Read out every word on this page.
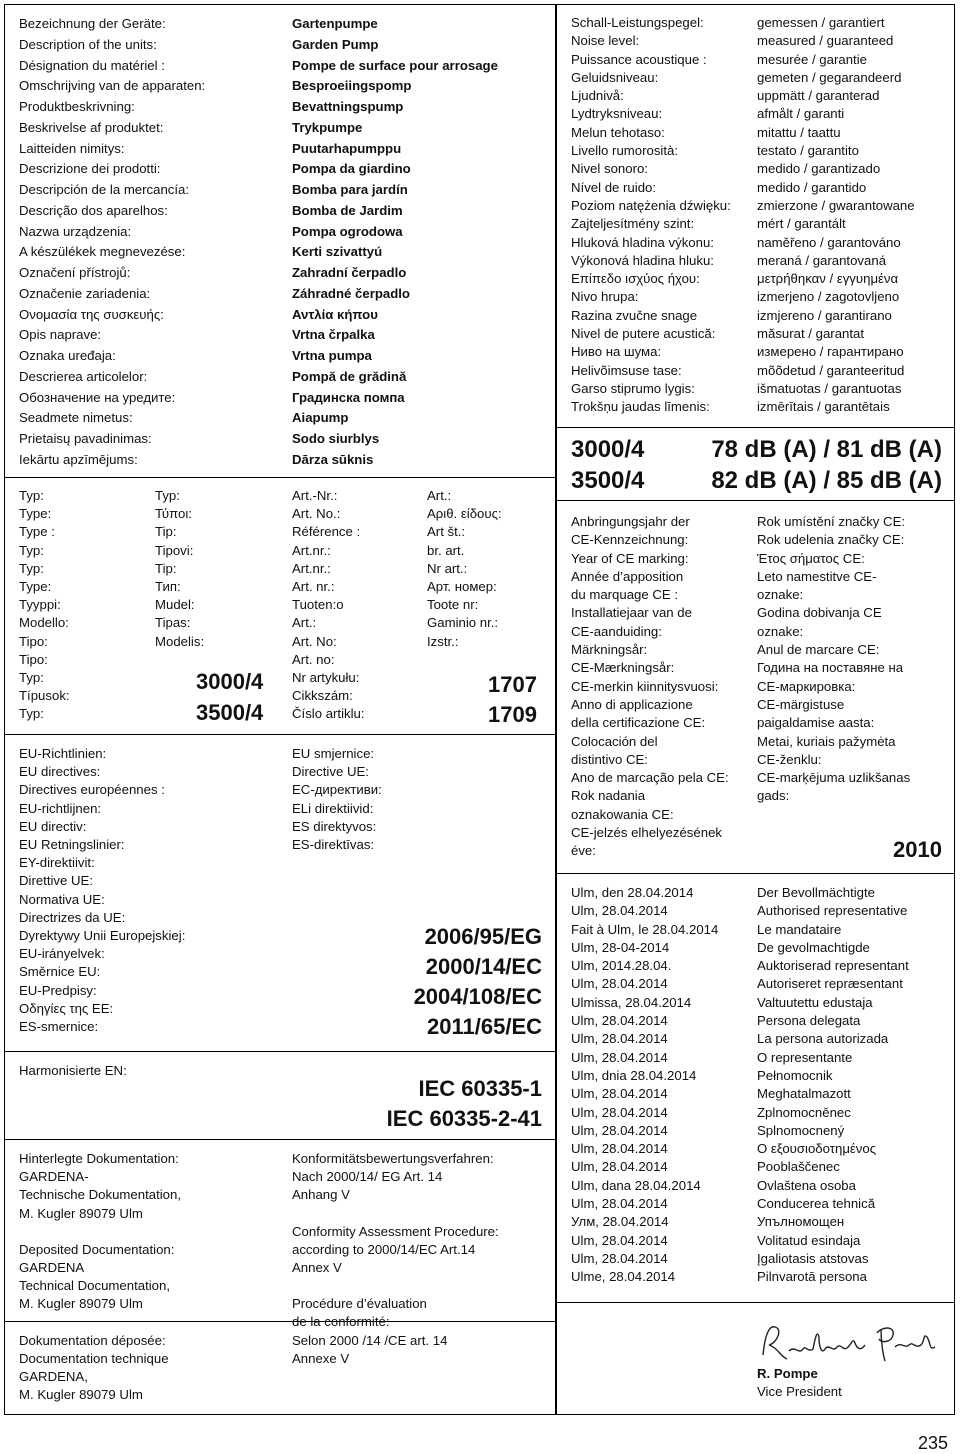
Bezeichnung der Geräte:
Description of the units:
Désignation du matériel :
Omschrijving van de apparaten:
Produktbeskrivning:
Beskrivelse af produktet:
Laitteiden nimitys:
Descrizione dei prodotti:
Descripción de la mercancía:
Descrição dos aparelhos:
Nazwa urządzenia:
A készülékek megnevezése:
Označení přístrojů:
Označenie zariadenia:
Ονομασία της συσκευής:
Opis naprave:
Oznaka uređaja:
Descrierea articolelor:
Обозначение на уредите:
Seadmete nimetus:
Prietaisų pavadinimas:
Iekārtu apzīmējums:
Gartenpumpe
Garden Pump
Pompe de surface pour arrosage
Besproeiingspomp
Bevattningspump
Trykpumpe
Puutarhapumppu
Pompa da giardino
Bomba para jardín
Bomba de Jardim
Pompa ogrodowa
Kerti szivattyú
Zahradní čerpadlo
Záhradné čerpadlo
Αντλία κήπου
Vrtna črpalka
Vrtna pumpa
Pompă de grădină
Градинска помпа
Aiapump
Sodo siurblys
Dārza sūknis
Typ:
Type:
Type :
Typ:
Typ:
Type:
Tyyppi:
Modello:
Tipo:
Tipo:
Typ:
Típusok:
Typ:
Typ:
Τύποι:
Tip:
Tipovi:
Tip:
Тип:
Mudel:
Tipas:
Modelis:
3000/4
3500/4
Art.-Nr.:
Art. No.:
Référence :
Art.nr.:
Art.nr.:
Art. nr.:
Tuoten:o
Art.:
Art. No:
Art. no:
Nr artykułu:
Cikkszám:
Číslo artiklu:
Art.:
Αριθ. είδους:
Art št.:
br. art.
Nr art.:
Арт. номер:
Toote nr:
Gaminio nr.:
Izstr.:
1707
1709
EU-Richtlinien:
EU directives:
Directives européennes :
EU-richtlijnen:
EU directiv:
EU Retningslinier:
EY-direktiivit:
Direttive UE:
Normativa UE:
Directrizes da UE:
Dyrektywy Unii Europejskiej:
EU-irányelvek:
Směrnice EU:
EU-Predpisy:
Οδηγίες της ΕΕ:
ES-smernice:
EU smjernice:
Directive UE:
ЕС-директиви:
ELi direktiivid:
ES direktyvos:
ES-direktīvas:
2006/95/EG
2000/14/EC
2004/108/EC
2011/65/EC
Harmonisierte EN:
IEC 60335-1
IEC 60335-2-41
Hinterlegte Dokumentation:
GARDENA-
Technische Dokumentation,
M. Kugler 89079 Ulm
Deposited Documentation:
GARDENA
Technical Documentation,
M. Kugler 89079 Ulm
Dokumentation déposée:
Documentation technique
GARDENA,
M. Kugler 89079 Ulm
Konformitätsbewertungsverfahren:
Nach 2000/14/ EG Art. 14
Anhang V
Conformity Assessment Procedure:
according to 2000/14/EC Art.14
Annex V
Procédure d’évaluation
de la conformité:
Selon 2000 /14 /CE art. 14
Annexe V
Schall-Leistungspegel:
Noise level:
Puissance acoustique :
Geluidsniveau:
Ljudnivå:
Lydtryksniveau:
Melun tehotaso:
Livello rumorosità:
Nivel sonoro:
Nível de ruido:
Poziom natężenia dźwięku:
Zajteljesítmény szint:
Hluková hladina výkonu:
Výkonová hladina hluku:
Επίπεδο ισχύος ήχου:
Nivo hrupa:
Razina zvučne snage
Nivel de putere acustică:
Ниво на шума:
Helivõimsuse tase:
Garso stiprumo lygis:
Trokšņu jaudas līmenis:
gemessen / garantiert
measured / guaranteed
mesurée / garantie
gemeten / gegarandeerd
uppmätt / garanterad
afmålt / garanti
mitattu / taattu
testato / garantito
medido / garantizado
medido / garantido
zmierzone / gwarantowane
mért / garantált
naměřeno / garantováno
meraná / garantovaná
μετρήθηκαν / εγγυημένα
izmerjeno / zagotovljeno
izmjereno / garantirano
măsurat / garantat
измерено / гарантирано
mõõdetud / garanteeritud
išmatuotas / garantuotas
izmērītais / garantētais
3000/4	78 dB (A) / 81 dB (A)
3500/4	82 dB (A) / 85 dB (A)
Anbringungsjahr der
CE-Kennzeichnung:
Year of CE marking:
Année d’apposition
du marquage CE :
Installatiejaar van de
CE-aanduiding:
Märkningsår:
CE-Mærkningsår:
CE-merkin kiinnitysvuosi:
Anno di applicazione
della certificazione CE:
Colocación del
distintivo CE:
Ano de marcação pela CE:
Rok nadania
oznakowania CE:
CE-jelzés elhelyezésének
éve:
Rok umístění značky CE:
Rok udelenia značky CE:
Έτος σήματος CE:
Leto namestitve CE-
oznake:
Godina dobivanja CE
oznake:
Anul de marcare CE:
Година на поставяне на
CE-маркировка:
CE-märgistuse
paigaldamise aasta:
Metai, kuriais pažymėta
CE-ženklu:
CE-marķējuma uzlikšanas
gads:
2010
Ulm, den 28.04.2014
Ulm, 28.04.2014
Fait à Ulm, le 28.04.2014
Ulm, 28-04-2014
Ulm, 2014.28.04.
Ulm, 28.04.2014
Ulmissa, 28.04.2014
Ulm, 28.04.2014
Ulm, 28.04.2014
Ulm, 28.04.2014
Ulm, dnia 28.04.2014
Ulm, 28.04.2014
Ulm, 28.04.2014
Ulm, 28.04.2014
Ulm, 28.04.2014
Ulm, 28.04.2014
Ulm, dana 28.04.2014
Ulm, 28.04.2014
Улм, 28.04.2014
Ulm, 28.04.2014
Ulm, 28.04.2014
Ulme, 28.04.2014
Der Bevollmächtigte
Authorised representative
Le mandataire
De gevolmachtigde
Auktoriserad representant
Autoriseret repræsentant
Valtuutettu edustaja
Persona delegata
La persona autorizada
O representante
Pełnomocnik
Meghatalmazott
Zplnomocněnec
Splnomocnený
Ο εξουσιοδοτημένος
Pooblaščenec
Ovlaštena osoba
Conducerea tehnică
Упълномощен
Volitatud esindaja
Įgaliotasis atstovas
Pilnvarotā persona
R. Pompe
Vice President
235
